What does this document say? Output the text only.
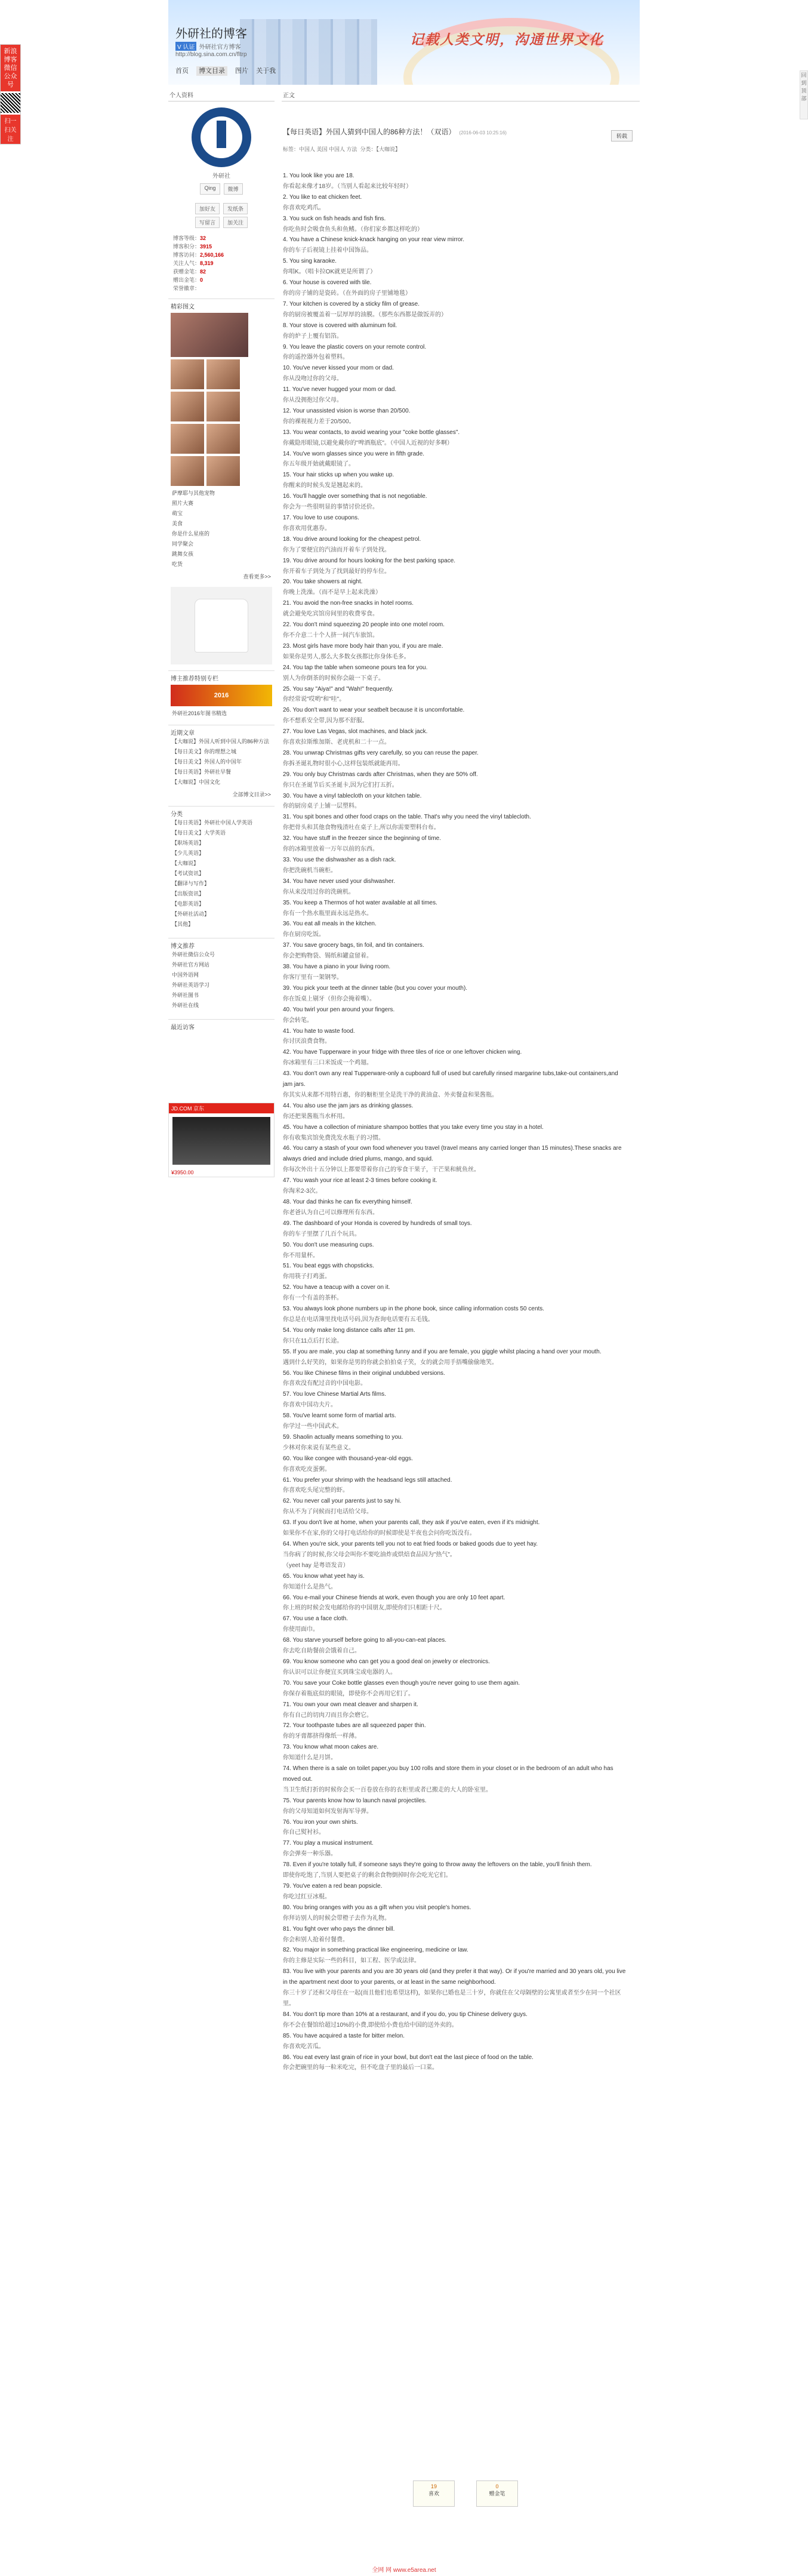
新浪博客
微信公众号
扫一扫关注
回到顶部
外研社的博客
V 认证 外研社官方博客
http://blog.sina.com.cn/fltrp
记载人类文明，沟通世界文化
首页 博文目录 图片 关于我
个人资料
外研社
外研社
Qing	微博
加好友	发纸条
写留言	加关注
博客等级：32
博客积分：3915
博客访问：2,560,166
关注人气：8,319
获赠金笔：82
赠出金笔：0
荣誉徽章：
精彩图文
萨摩耶与其他宠物
照片大赛
萌宝
美食
你是什么星座的
同学聚会
跳舞女孩
吃货
查看更多>>
博主推荐特别专栏
2016
外研社2016年图书精选
近期文章
【大咖说】外国人听到中国人的86种方法
【每日美文】你的理想之城
【每日美文】外国人的中国年
【每日英语】外研社早餐
【大咖说】中国文化
全部博文目录>>
分类
【每日英语】外研社中国人学英语
【每日美文】大学英语
【职场英语】
【少儿英语】
【大咖说】
【考试资讯】
【翻译与写作】
【出版资讯】
【电影英语】
【外研社活动】
【其他】
博文推荐
外研社微信公众号
外研社官方网站
中国外语网
外研社英语学习
外研社图书
外研社在线
最近访客
JD.COM 京东
¥3950.00
正文
转载
【每日英语】外国人猜到中国人的86种方法！（双语） (2016-06-03 10:25:16)
标签：中国人 美国 中国人 方法 分类：【大咖说】

1. You look like you are 18.

你看起来像才18岁。（当别人看起来比较年轻时）

2. You like to eat chicken feet.

你喜欢吃鸡爪。

3. You suck on fish heads and fish fins.

你吃鱼时会吸食鱼头和鱼鳍。（你们家乡都这样吃的）

4. You have a Chinese knick-knack hanging on your rear view mirror.

你的车子后视镜上挂着中国饰品。

5. You sing karaoke.

你唱K。（唱卡拉OK就更是所谓了）

6. Your house is covered with tile.

你的房子铺的是瓷砖。（在外面的房子里铺地毯）

7. Your kitchen is covered by a sticky film of grease.

你的厨房被覆盖着一层厚厚的油膜。（那些东西都是做饭弄的）

8. Your stove is covered with aluminum foil.

你的炉子上覆有铝箔。

9. You leave the plastic covers on your remote control.

你的遥控器外包着塑料。

10. You've never kissed your mom or dad.

你从没吻过你的父母。

11. You've never hugged your mom or dad.

你从没拥抱过你父母。

12. Your unassisted vision is worse than 20/500.

你的裸视视力差于20/500。

13. You wear contacts, to avoid wearing your "coke bottle glasses".

你戴隐形眼镜,以避免戴你的"啤酒瓶底"。（中国人近视的好多啊）

14. You've worn glasses since you were in fifth grade.

你五年级开始就戴眼镜了。

15. Your hair sticks up when you wake up.

你醒来的时候头发是翘起来的。

16. You'll haggle over something that is not negotiable.

你会为一些很明显的事情讨价还价。

17. You love to use coupons.

你喜欢用优惠券。

18. You drive around looking for the cheapest petrol.

你为了要便宜的汽油而开着车子到处找。

19. You drive around for hours looking for the best parking space.

你开着车子到处为了找到最好的停车位。

20. You take showers at night.

你晚上洗澡。（而不是早上起来洗澡）

21. You avoid the non-free snacks in hotel rooms.

就会避免吃宾馆房间里的收费零食。

22. You don't mind squeezing 20 people into one motel room.

你不介意二十个人挤一间汽车旅馆。

23. Most girls have more body hair than you, if you are male.

如果你是男人,那么大多数女孩都比你身体毛多。

24. You tap the table when someone pours tea for you.

别人为你倒茶的时候你会敲一下桌子。

25. You say "Aiya!" and "Wah!" frequently.

你经常说"哎哟"和"哇"。

26. You don't want to wear your seatbelt because it is uncomfortable.

你不想系安全带,因为那不舒服。

27. You love Las Vegas, slot machines, and black jack.

你喜欢拉斯维加斯、老虎机和二十一点。

28. You unwrap Christmas gifts very carefully, so you can reuse the paper.

你拆圣诞礼物时很小心,这样包装纸就能再用。

29. You only buy Christmas cards after Christmas, when they are 50% off.

你只在圣诞节后买圣诞卡,因为它们打五折。

30. You have a vinyl tablecloth on your kitchen table.

你的厨房桌子上铺一层塑料。

31. You spit bones and other food craps on the table. That's why you need the vinyl tablecloth.

你把骨头和其他食物残渣吐在桌子上,所以你需要塑料台布。

32. You have stuff in the freezer since the beginning of time.

你的冰箱里放着一万年以前的东西。

33. You use the dishwasher as a dish rack.

你把洗碗机当碗柜。

34. You have never used your dishwasher.

你从来没用过你的洗碗机。

35. You keep a Thermos of hot water available at all times.

你有一个热水瓶里面永远是热水。

36. You eat all meals in the kitchen.

你在厨房吃饭。

37. You save grocery bags, tin foil, and tin containers.

你会把购物袋、锡纸和罐盒留着。

38. You have a piano in your living room.

你客厅里有一架钢琴。

39. You pick your teeth at the dinner table (but you cover your mouth).

你在饭桌上剔牙（但你会掩着嘴）。

40. You twirl your pen around your fingers.

你会转笔。

41. You hate to waste food.

你讨厌浪费食物。

42. You have Tupperware in your fridge with three tiles of rice or one leftover chicken wing.

你冰箱里有三口米饭或一个鸡翅。

43. You don't own any real Tupperware-only a cupboard full of used but carefully rinsed margarine tubs,take-out containers,and jam jars.

你其实从来都不用特百惠，你的橱柜里全是洗干净的黄油盒、外卖餐盒和果酱瓶。

44. You also use the jam jars as drinking glasses.

你还把果酱瓶当水杯用。

45. You have a collection of miniature shampoo bottles that you take every time you stay in a hotel.

你有收集宾馆免费洗发水瓶子的习惯。

46. You carry a stash of your own food whenever you travel (travel means any carried longer than 15 minutes).These snacks are always dried and include dried plums, mango, and squid.

你每次外出十五分钟以上都要带着你自己的零食干果子，干芒果和鱿鱼丝。

47. You wash your rice at least 2-3 times before cooking it.

你淘米2-3次。

48. Your dad thinks he can fix everything himself.

你老爸认为自己可以修理所有东西。

49. The dashboard of your Honda is covered by hundreds of small toys.

你的车子里摆了几百个玩具。

50. You don't use measuring cups.

你不用量杯。

51. You beat eggs with chopsticks.

你用筷子打鸡蛋。

52. You have a teacup with a cover on it.

你有一个有盖的茶杯。

53. You always look phone numbers up in the phone book, since calling information costs 50 cents.

你总是在电话簿里找电话号码,因为查询电话要有五毛钱。

54. You only make long distance calls after 11 pm.

你只在11点后打长途。

55. If you are male, you clap at something funny and if you are female, you giggle whilst placing a hand over your mouth.

遇到什么好笑的，如果你是男的你就会拍拍桌子笑，女的就会用手捂嘴偷偷地笑。

56. You like Chinese films in their original undubbed versions.

你喜欢没有配过音的中国电影。

57. You love Chinese Martial Arts films.

你喜欢中国功夫片。

58. You've learnt some form of martial arts.

你学过一些中国武术。

59. Shaolin actually means something to you.

少林对你来说有某些意义。

60. You like congee with thousand-year-old eggs.

你喜欢吃皮蛋粥。

61. You prefer your shrimp with the headsand legs still attached.

你喜欢吃头尾完整的虾。

62. You never call your parents just to say hi.

你从不为了问候而打电话给父母。

63. If you don't live at home, when your parents call, they ask if you've eaten, even if it's midnight.

如果你不在家,你的父母打电话给你的时候即使是半夜也会问你吃饭没有。

64. When you're sick, your parents tell you not to eat fried foods or baked goods due to yeet hay.

当你病了的时候,你父母会叫你不要吃油炸或烘焙食品因为"热气"。

（yeet hay 是粤语发音）

65. You know what yeet hay is.

你知道什么是热气。

66. You e-mail your Chinese friends at work, even though you are only 10 feet apart.

你上班的时候会发电邮给你的中国朋友,即使你们只相距十尺。

67. You use a face cloth.

你使用面巾。

68. You starve yourself before going to all-you-can-eat places.

你去吃自助餐前会饿着自己。

69. You know someone who can get you a good deal on jewelry or electronics.

你认识可以让你便宜买到珠宝或电器的人。

70. You save your Coke bottle glasses even though you're never going to use them again.

你保存着瓶底似的眼镜，即使你不会再用它们了。

71. You own your own meat cleaver and sharpen it.

你有自己的切肉刀而且你会磨它。

72. Your toothpaste tubes are all squeezed paper thin.

你的牙膏都挤得像纸一样薄。

73. You know what moon cakes are.

你知道什么是月饼。

74. When there is a sale on toilet paper,you buy 100 rolls and store them in your closet or in the bedroom of an adult who has moved out.

当卫生纸打折的时候你会买一百卷放在你的衣柜里或者已搬走的大人的卧室里。

75. Your parents know how to launch naval projectiles.

你的父母知道如何发射海军导弹。

76. You iron your own shirts.

你自己熨衬衫。

77. You play a musical instrument.

你会弹奏一种乐器。

78. Even if you're totally full, if someone says they're going to throw away the leftovers on the table, you'll finish them.

即使你吃饱了,当别人要把桌子的剩余食物倒掉时你会吃光它们。

79. You've eaten a red bean popsicle.

你吃过红豆冰棍。

80. You bring oranges with you as a gift when you visit people's homes.

你拜访别人的时候会带橙子去作为礼物。

81. You fight over who pays the dinner bill.

你会和别人抢着付餐费。

82. You major in something practical like engineering, medicine or law.

你的主修是实际一些的科目，如工程、医学或法律。

83. You live with your parents and you are 30 years old (and they prefer it that way). Or if you're married and 30 years old, you live in the apartment next door to your parents, or at least in the same neighborhood.

你三十岁了还和父母住在一起(而且他们也希望这样)，如果你已婚也是三十岁，你就住在父母隔壁的公寓里或者至少在同一个社区里。

84. You don't tip more than 10% at a restaurant, and if you do, you tip Chinese delivery guys.

你不会在餐馆给超过10%的小费,即使给小费也给中国的送外卖的。

85. You have acquired a taste for bitter melon.

你喜欢吃苦瓜。

86. You eat every last grain of rice in your bowl, but don't eat the last piece of food on the table.

你会把碗里的每一粒米吃完，但不吃盘子里的最后一口菜。

19
喜欢
0
赠金笔
全网 网 www.e5area.net
